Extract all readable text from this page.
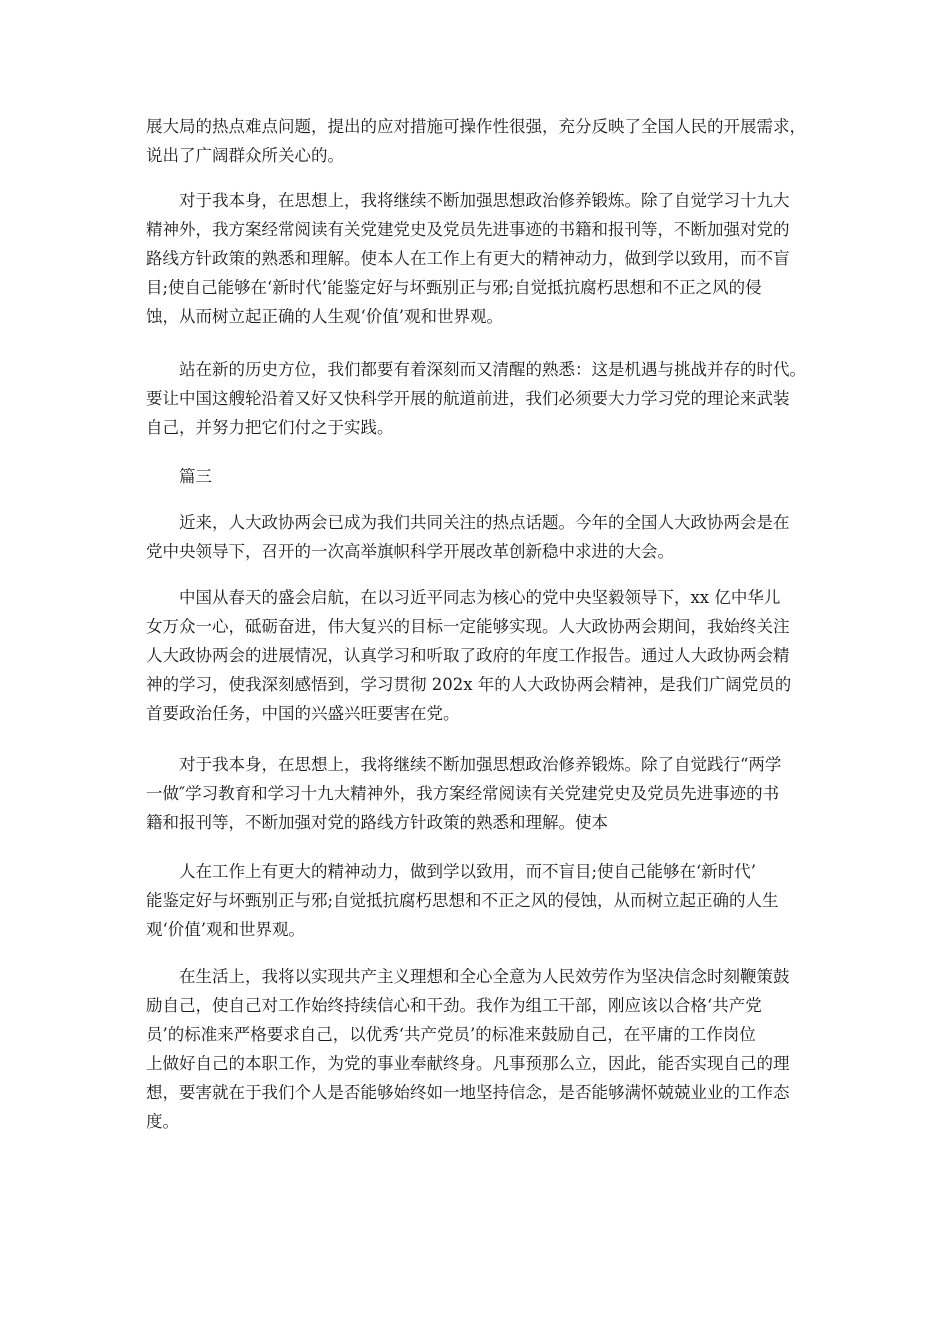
展大局的热点难点问题，提出的应对措施可操作性很强，充分反映了全国人民的开展需求，
说出了广阔群众所关心的。
对于我本身，在思想上，我将继续不断加强思想政治修养锻炼。除了自觉学习十九大
精神外，我方案经常阅读有关党建党史及党员先进事迹的书籍和报刊等，不断加强对党的
路线方针政策的熟悉和理解。使本人在工作上有更大的精神动力，做到学以致用，而不盲
目;使自己能够在‘新时代’能鉴定好与坏甄别正与邪;自觉抵抗腐朽思想和不正之风的侵
蚀，从而树立起正确的人生观‘价值’观和世界观。
站在新的历史方位，我们都要有着深刻而又清醒的熟悉：这是机遇与挑战并存的时代。
要让中国这艘轮沿着又好又快科学开展的航道前进，我们必须要大力学习党的理论来武装
自己，并努力把它们付之于实践。
篇三
近来，人大政协两会已成为我们共同关注的热点话题。今年的全国人大政协两会是在
党中央领导下，召开的一次高举旗帜科学开展改革创新稳中求进的大会。
中国从春天的盛会启航，在以习近平同志为核心的党中央坚毅领导下，xx 亿中华儿
女万众一心，砥砺奋进，伟大复兴的目标一定能够实现。人大政协两会期间，我始终关注
人大政协两会的进展情况，认真学习和听取了政府的年度工作报告。通过人大政协两会精
神的学习，使我深刻感悟到，学习贯彻 202x 年的人大政协两会精神，是我们广阔党员的
首要政治任务，中国的兴盛兴旺要害在党。
对于我本身，在思想上，我将继续不断加强思想政治修养锻炼。除了自觉践行“两学
一做″学习教育和学习十九大精神外，我方案经常阅读有关党建党史及党员先进事迹的书
籍和报刊等，不断加强对党的路线方针政策的熟悉和理解。使本
人在工作上有更大的精神动力，做到学以致用，而不盲目;使自己能够在‘新时代’
能鉴定好与坏甄别正与邪;自觉抵抗腐朽思想和不正之风的侵蚀，从而树立起正确的人生
观‘价值’观和世界观。
在生活上，我将以实现共产主义理想和全心全意为人民效劳作为坚决信念时刻鞭策鼓
励自己，使自己对工作始终持续信心和干劲。我作为组工干部，刚应该以合格‘共产党
员’的标准来严格要求自己，以优秀‘共产党员’的标准来鼓励自己，在平庸的工作岗位
上做好自己的本职工作，为党的事业奉献终身。凡事预那么立，因此，能否实现自己的理
想，要害就在于我们个人是否能够始终如一地坚持信念，是否能够满怀兢兢业业的工作态
度。
